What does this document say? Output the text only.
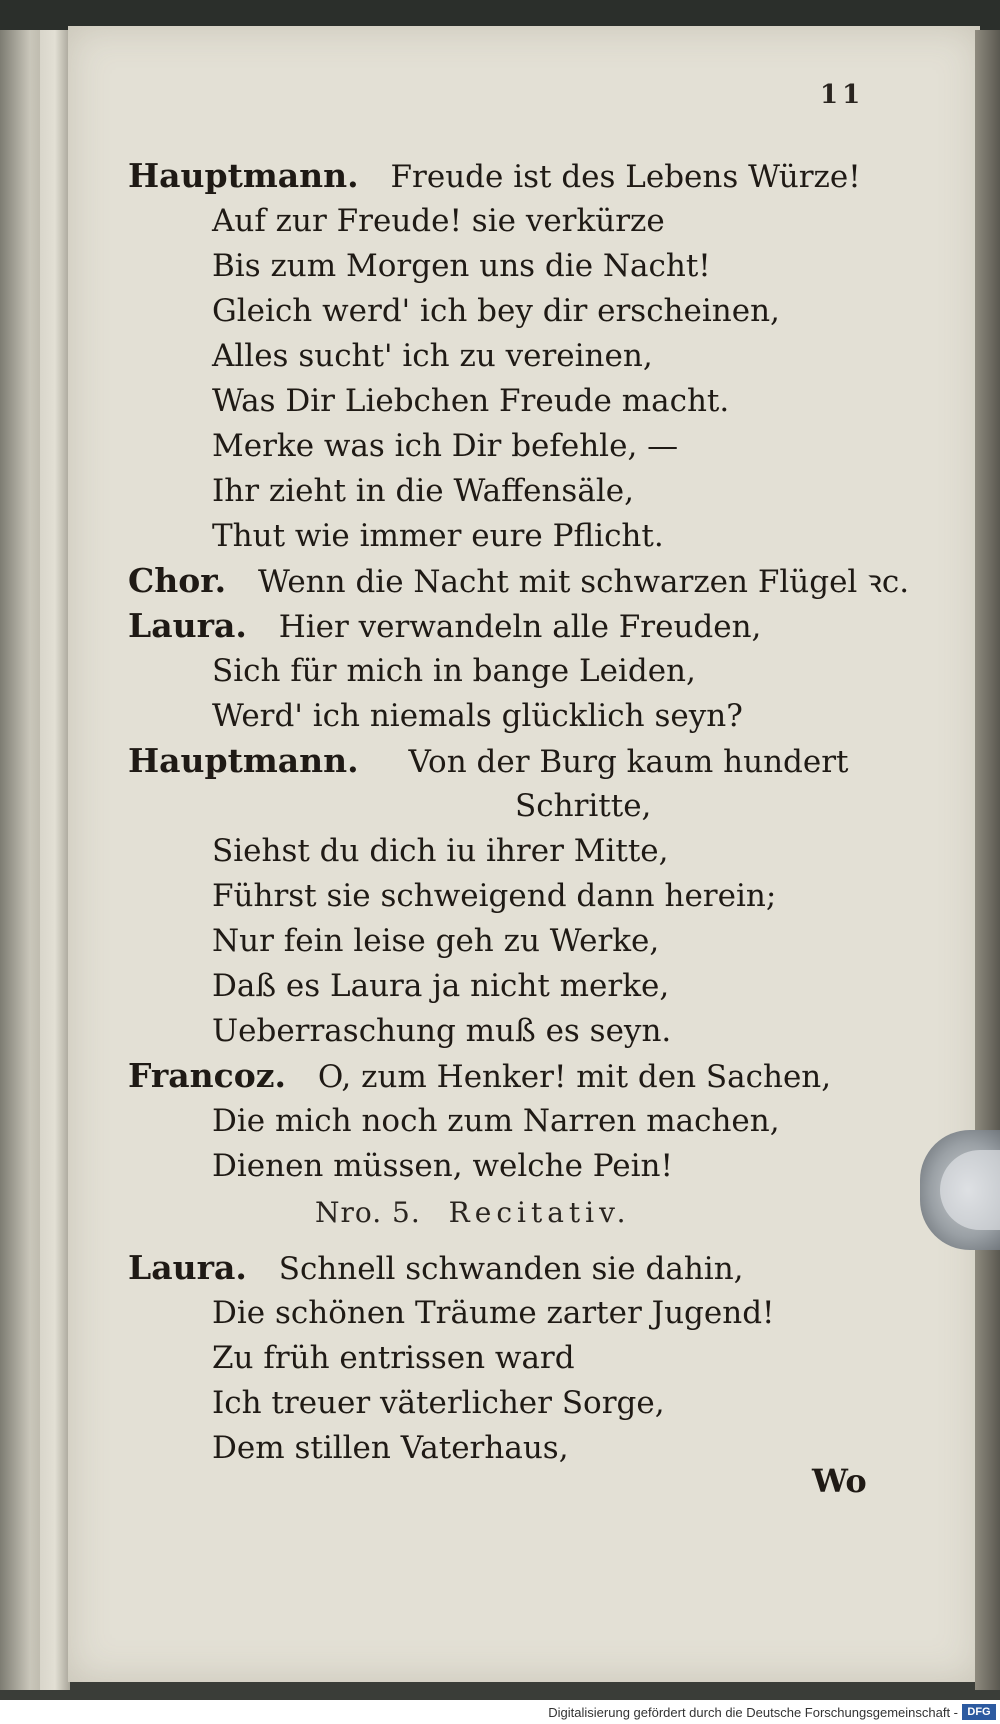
11
Hauptmann. Freude ist des Lebens Würze!
Auf zur Freude! sie verkürze
Bis zum Morgen uns die Nacht!
Gleich werd' ich bey dir erscheinen,
Alles sucht' ich zu vereinen,
Was Dir Liebchen Freude macht.
Merke was ich Dir befehle, —
Ihr zieht in die Waffensäle,
Thut wie immer eure Pflicht.
Chor. Wenn die Nacht mit schwarzen Flügel ꝛc.
Laura. Hier verwandeln alle Freuden,
Sich für mich in bange Leiden,
Werd' ich niemals glücklich seyn?
Hauptmann. Von der Burg kaum hundert
Schritte,
Siehst du dich iu ihrer Mitte,
Führst sie schweigend dann herein;
Nur fein leise geh zu Werke,
Daß es Laura ja nicht merke,
Ueberraschung muß es seyn.
Francoz. O, zum Henker! mit den Sachen,
Die mich noch zum Narren machen,
Dienen müssen, welche Pein!
Nro. 5. Recitativ.
Laura. Schnell schwanden sie dahin,
Die schönen Träume zarter Jugend!
Zu früh entrissen ward
Ich treuer väterlicher Sorge,
Dem stillen Vaterhaus,
Wo
Digitalisierung gefördert durch die Deutsche Forschungsgemeinschaft - DFG
